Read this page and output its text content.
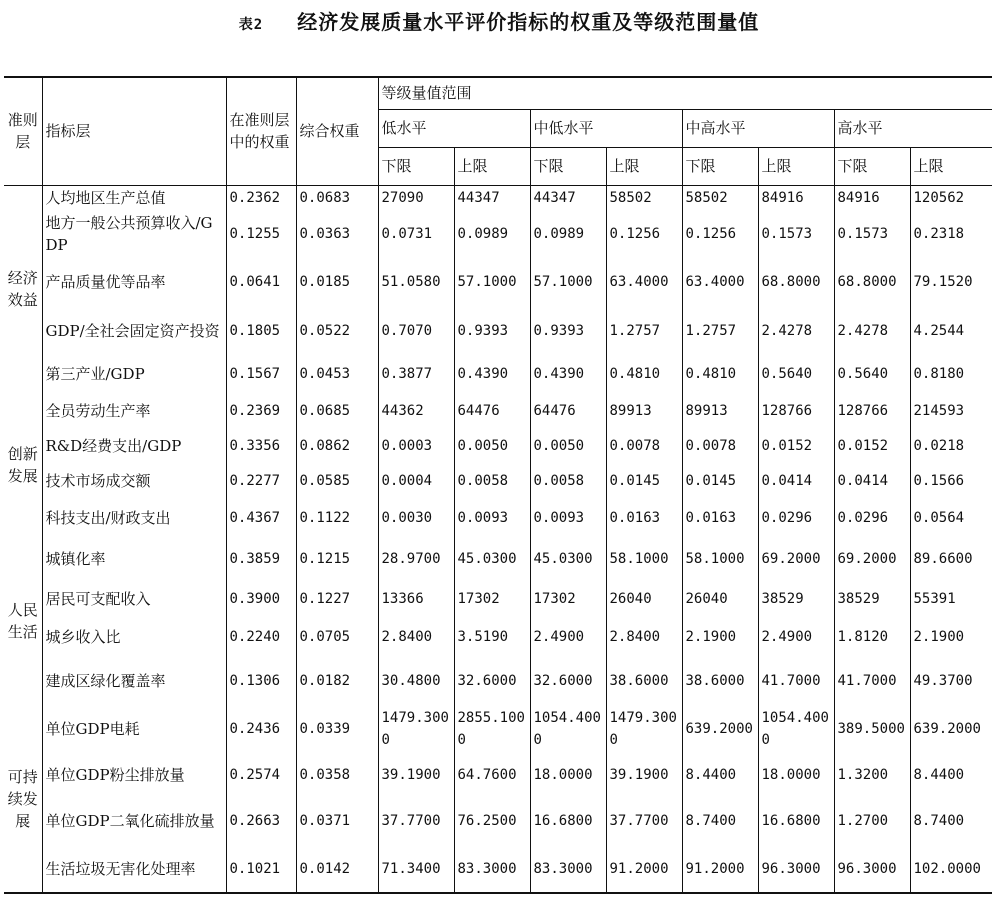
表2 经济发展质量水平评价指标的权重及等级范围量值
准则层	指标层	在准则层中的权重	综合权重	等级量值范围							
				低水平		中低水平		中高水平		高水平	
				下限	上限	下限	上限	下限	上限	下限	上限
经济效益	人均地区生产总值	0.2362	0.0683	27090	44347	44347	58502	58502	84916	84916	120562
	地方一般公共预算收入/GDP	0.1255	0.0363	0.0731	0.0989	0.0989	0.1256	0.1256	0.1573	0.1573	0.2318
	产品质量优等品率	0.0641	0.0185	51.0580	57.1000	57.1000	63.4000	63.4000	68.8000	68.8000	79.1520
	GDP/全社会固定资产投资	0.1805	0.0522	0.7070	0.9393	0.9393	1.2757	1.2757	2.4278	2.4278	4.2544
	第三产业/GDP	0.1567	0.0453	0.3877	0.4390	0.4390	0.4810	0.4810	0.5640	0.5640	0.8180
创新发展	全员劳动生产率	0.2369	0.0685	44362	64476	64476	89913	89913	128766	128766	214593
	R&D经费支出/GDP	0.3356	0.0862	0.0003	0.0050	0.0050	0.0078	0.0078	0.0152	0.0152	0.0218
	技术市场成交额	0.2277	0.0585	0.0004	0.0058	0.0058	0.0145	0.0145	0.0414	0.0414	0.1566
	科技支出/财政支出	0.4367	0.1122	0.0030	0.0093	0.0093	0.0163	0.0163	0.0296	0.0296	0.0564
人民生活	城镇化率	0.3859	0.1215	28.9700	45.0300	45.0300	58.1000	58.1000	69.2000	69.2000	89.6600
	居民可支配收入	0.3900	0.1227	13366	17302	17302	26040	26040	38529	38529	55391
	城乡收入比	0.2240	0.0705	2.8400	3.5190	2.4900	2.8400	2.1900	2.4900	1.8120	2.1900
	建成区绿化覆盖率	0.1306	0.0182	30.4800	32.6000	32.6000	38.6000	38.6000	41.7000	41.7000	49.3700
可持续发展	单位GDP电耗	0.2436	0.0339	1479.3000	2855.1000	1054.4000	1479.3000	639.2000	1054.4000	389.5000	639.2000
	单位GDP粉尘排放量	0.2574	0.0358	39.1900	64.7600	18.0000	39.1900	8.4400	18.0000	1.3200	8.4400
	单位GDP二氧化硫排放量	0.2663	0.0371	37.7700	76.2500	16.6800	37.7700	8.7400	16.6800	1.2700	8.7400
	生活垃圾无害化处理率	0.1021	0.0142	71.3400	83.3000	83.3000	91.2000	91.2000	96.3000	96.3000	102.0000
